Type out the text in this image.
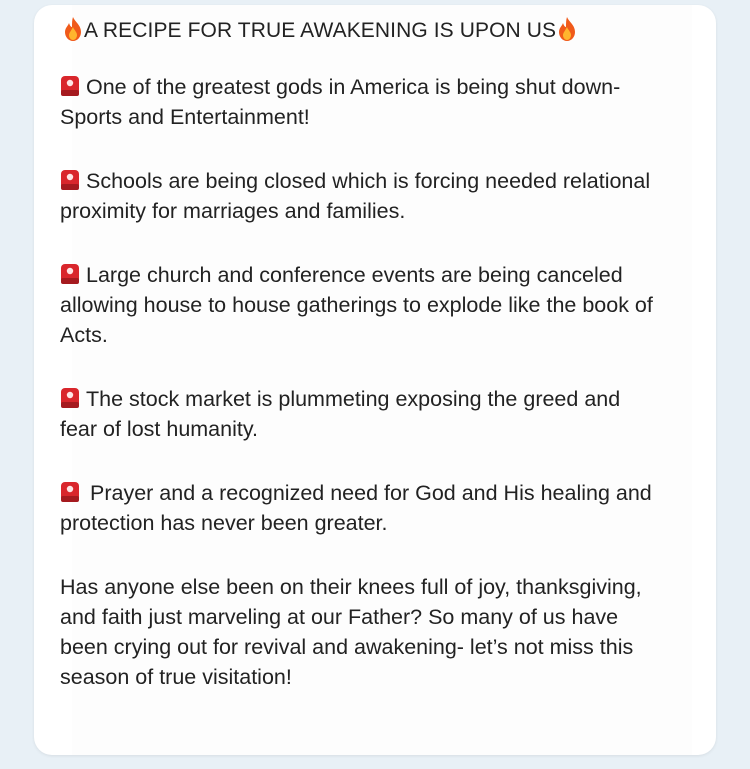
A RECIPE FOR TRUE AWAKENING IS UPON US
One of the greatest gods in America is being shut down- Sports and Entertainment!
Schools are being closed which is forcing needed relational proximity for marriages and families.
Large church and conference events are being canceled allowing house to house gatherings to explode like the book of Acts.
The stock market is plummeting exposing the greed and fear of lost humanity.
Prayer and a recognized need for God and His healing and protection has never been greater.
Has anyone else been on their knees full of joy, thanksgiving, and faith just marveling at our Father? So many of us have been crying out for revival and awakening- let’s not miss this season of true visitation!
